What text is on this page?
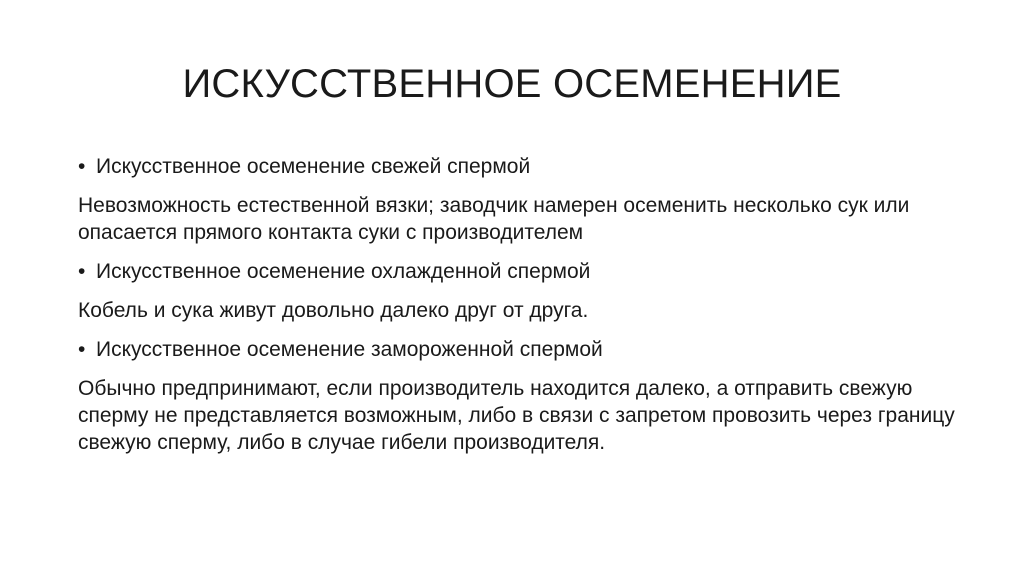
ИСКУССТВЕННОЕ ОСЕМЕНЕНИЕ
• Искусственное осеменение свежей спермой

Невозможность естественной вязки; заводчик намерен осеменить несколько сук или опасается прямого контакта суки с производителем

• Искусственное осеменение охлажденной спермой

Кобель и сука живут довольно далеко друг от друга.

• Искусственное осеменение замороженной спермой

Обычно предпринимают, если производитель находится далеко, а отправить свежую сперму не представляется возможным, либо в связи с запретом провозить через границу свежую сперму, либо в случае гибели производителя.
